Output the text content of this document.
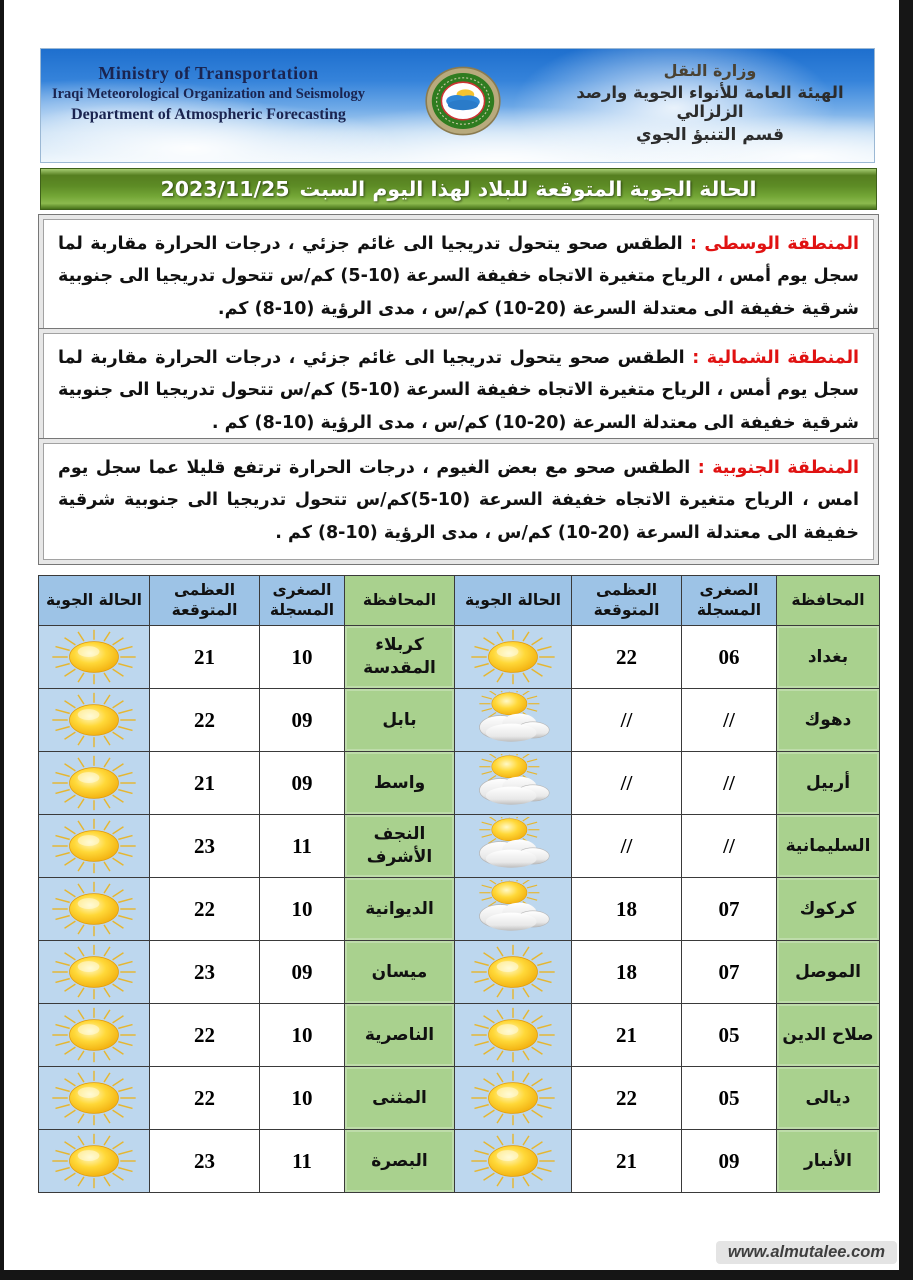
Ministry of Transportation
Iraqi Meteorological Organization and Seismology
Department of Atmospheric Forecasting
وزارة النقل
الهيئة العامة للأنواء الجوية وارصد الزلزالي
قسم التنبؤ الجوي
الحالة الجوية المتوقعة للبلاد لهذا اليوم السبت
2023/11/25
المنطقة الوسطى : الطقس صحو يتحول تدريجيا الى غائم جزئي ، درجات الحرارة مقاربة لما سجل يوم أمس ، الرياح متغيرة الاتجاه خفيفة السرعة (10-5) كم/س تتحول تدريجيا الى جنوبية شرقية خفيفة الى معتدلة السرعة (20-10) كم/س ، مدى الرؤية (10-8) كم.
المنطقة الشمالية : الطقس صحو يتحول تدريجيا الى غائم جزئي ، درجات الحرارة مقاربة لما سجل يوم أمس ، الرياح متغيرة الاتجاه خفيفة السرعة (10-5) كم/س تتحول تدريجيا الى جنوبية شرقية خفيفة الى معتدلة السرعة (20-10) كم/س ، مدى الرؤية (10-8) كم .
المنطقة الجنوبية : الطقس صحو مع بعض الغيوم ، درجات الحرارة ترتفع قليلا عما سجل يوم امس ، الرياح متغيرة الاتجاه خفيفة السرعة (10-5)كم/س تتحول تدريجيا الى جنوبية شرقية خفيفة الى معتدلة السرعة (20-10) كم/س ، مدى الرؤية (10-8) كم .
المحافظة	الصغرى المسجلة	العظمى المتوقعة	الحالة الجوية	المحافظة	الصغرى المسجلة	العظمى المتوقعة	الحالة الجوية
بغداد	06	22		كربلاء المقدسة	10	21	

دهوك	//	//		بابل	09	22	

أربيل	//	//		واسط	09	21	

السليمانية	//	//		النجف الأشرف	11	23	

كركوك	07	18		الديوانية	10	22	

الموصل	07	18		ميسان	09	23	

صلاح الدين	05	21		الناصرية	10	22	

ديالى	05	22		المثنى	10	22	

الأنبار	09	21		البصرة	11	23	
www.almutalee.com
